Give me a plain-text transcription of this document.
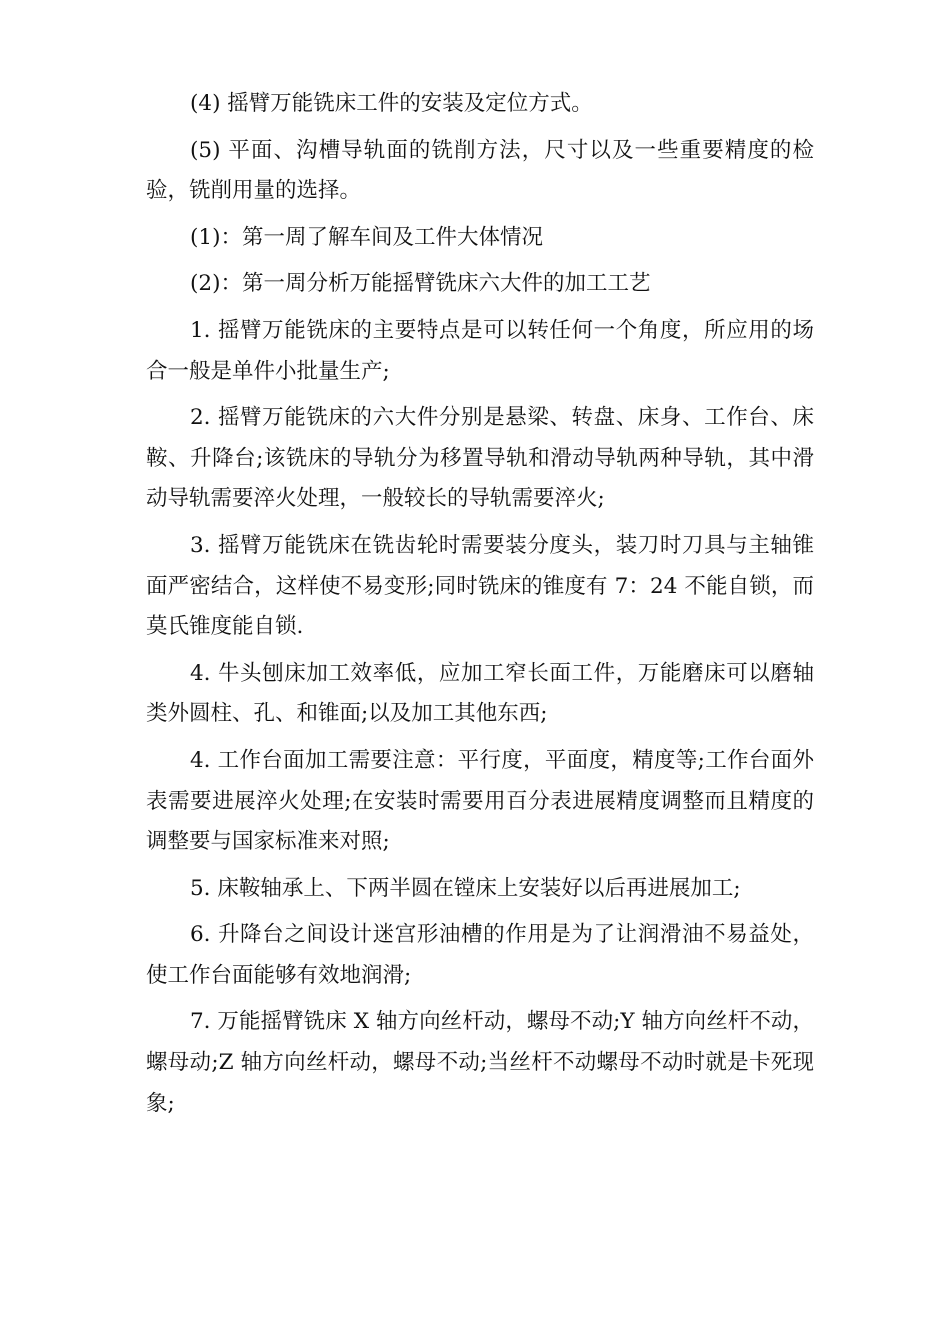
(4) 摇臂万能铣床工件的安装及定位方式。

(5) 平面、沟槽导轨面的铣削方法，尺寸以及一些重要精度的检验，铣削用量的选择。

(1)：第一周了解车间及工件大体情况

(2)：第一周分析万能摇臂铣床六大件的加工工艺

1. 摇臂万能铣床的主要特点是可以转任何一个角度，所应用的场合一般是单件小批量生产;

2. 摇臂万能铣床的六大件分别是悬梁、转盘、床身、工作台、床鞍、升降台;该铣床的导轨分为移置导轨和滑动导轨两种导轨，其中滑动导轨需要淬火处理，一般较长的导轨需要淬火;

3. 摇臂万能铣床在铣齿轮时需要装分度头，装刀时刀具与主轴锥面严密结合，这样使不易变形;同时铣床的锥度有 7：24 不能自锁，而莫氏锥度能自锁.

4. 牛头刨床加工效率低，应加工窄长面工件，万能磨床可以磨轴类外圆柱、孔、和锥面;以及加工其他东西;

4. 工作台面加工需要注意：平行度，平面度，精度等;工作台面外表需要进展淬火处理;在安装时需要用百分表进展精度调整而且精度的调整要与国家标准来对照;

5. 床鞍轴承上、下两半圆在镗床上安装好以后再进展加工;

6. 升降台之间设计迷宫形油槽的作用是为了让润滑油不易益处，使工作台面能够有效地润滑;

7. 万能摇臂铣床 X 轴方向丝杆动，螺母不动;Y 轴方向丝杆不动，螺母动;Z 轴方向丝杆动，螺母不动;当丝杆不动螺母不动时就是卡死现象;
